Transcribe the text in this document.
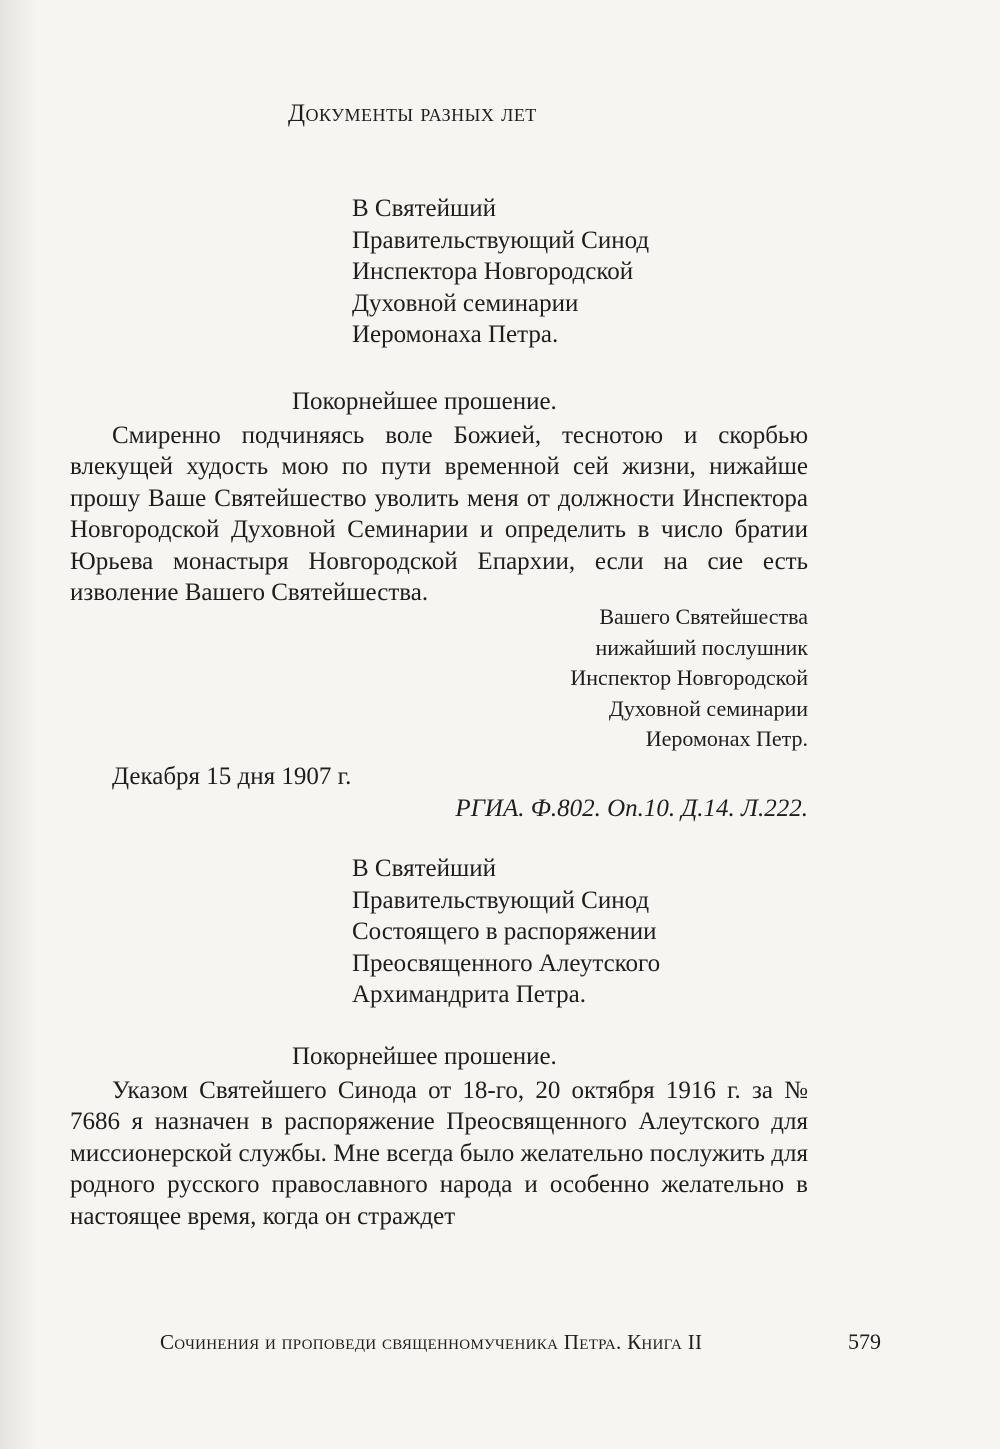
Документы разных лет
В Святейший
Правительствующий Синод
Инспектора Новгородской
Духовной семинарии
Иеромонаха Петра.
Покорнейшее прошение.

Смиренно подчиняясь воле Божией, теснотою и скорбью влекущей худость мою по пути временной сей жизни, нижайше прошу Ваше Святейшество уволить меня от должности Инспектора Новгородской Духовной Семинарии и определить в число братии Юрьева монастыря Новгородской Епархии, если на сие есть изволение Вашего Святейшества.

Вашего Святейшества
нижайший послушник
Инспектор Новгородской
Духовной семинарии
Иеромонах Петр.
Декабря 15 дня 1907 г.
РГИА. Ф.802. Оп.10. Д.14. Л.222.
В Святейший
Правительствующий Синод
Состоящего в распоряжении
Преосвященного Алеутского
Архимандрита Петра.
Покорнейшее прошение.

Указом Святейшего Синода от 18-го, 20 октября 1916 г. за № 7686 я назначен в распоряжение Преосвященного Алеутского для миссионерской службы. Мне всегда было желательно послужить для родного русского православного народа и особенно желательно в настоящее время, когда он страждет

Сочинения и проповеди священномученика Петра. Книга II	579
